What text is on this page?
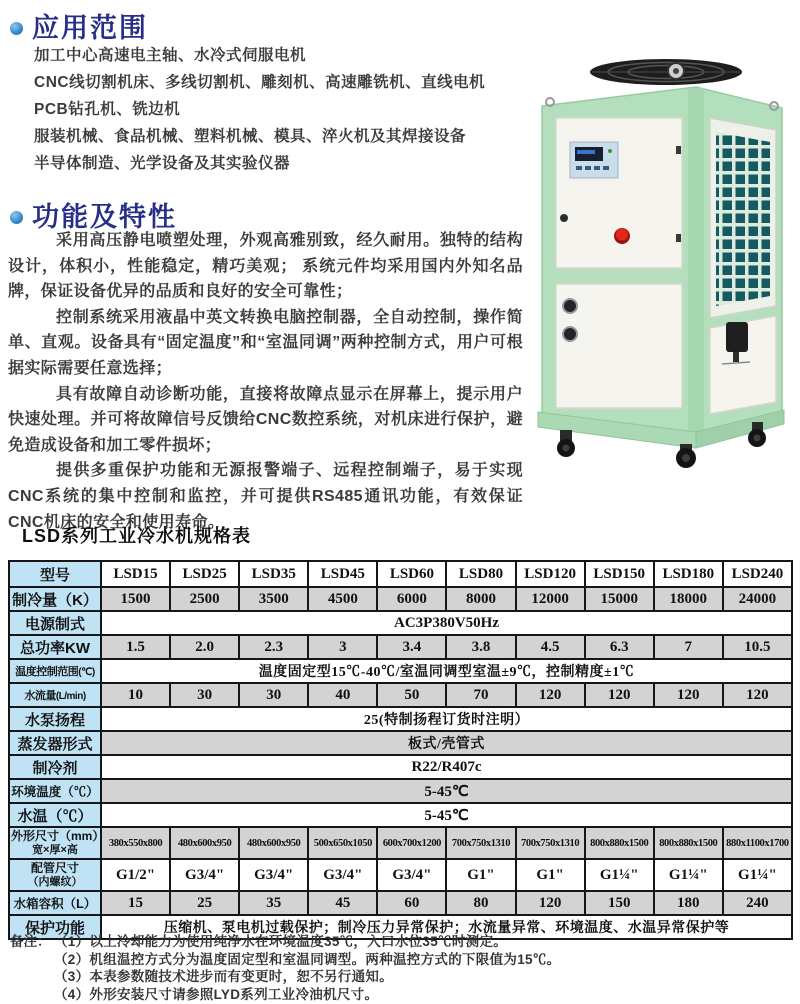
应用范围
加工中心高速电主轴、水冷式伺服电机
CNC线切割机床、多线切割机、雕刻机、高速雕铣机、直线电机
PCB钻孔机、铣边机
服装机械、食品机械、塑料机械、模具、淬火机及其焊接设备
半导体制造、光学设备及其实验仪器
功能及特性

采用高压静电喷塑处理，外观高雅别致，经久耐用。独特的结构设计，体积小，性能稳定，精巧美观； 系统元件均采用国内外知名品牌，保证设备优异的品质和良好的安全可靠性；

控制系统采用液晶中英文转换电脑控制器，全自动控制，操作简单、直观。设备具有“固定温度”和“室温同调”两种控制方式，用户可根据实际需要任意选择；

具有故障自动诊断功能，直接将故障点显示在屏幕上，提示用户快速处理。并可将故障信号反馈给CNC数控系统，对机床进行保护，避免造成设备和加工零件损坏；

提供多重保护功能和无源报警端子、远程控制端子，易于实现CNC系统的集中控制和监控，并可提供RS485通讯功能，有效保证CNC机床的安全和使用寿命。

LSD系列工业冷水机规格表
型号	LSD15	LSD25	LSD35	LSD45	LSD60	LSD80	LSD120	LSD150	LSD180	LSD240
制冷量（K）	1500	2500	3500	4500	6000	8000	12000	15000	18000	24000
电源制式	AC3P380V50Hz									
总功率KW	1.5	2.0	2.3	3	3.4	3.8	4.5	6.3	7	10.5
温度控制范围(℃)	温度固定型15℃-40℃/室温同调型室温±9℃，控制精度±1℃									
水流量(L/min)	10	30	30	40	50	70	120	120	120	120
水泵扬程	25(特制扬程订货时注明）									
蒸发器形式	板式/壳管式									
制冷剂	R22/R407c									
环境温度（℃）	5-45℃									
水温（℃）	5-45℃									
外形尺寸（mm）
宽×厚×高	380x550x800	480x600x950	480x600x950	500x650x1050	600x700x1200	700x750x1310	700x750x1310	800x880x1500	800x880x1500	880x1100x1700
配管尺寸
（内螺纹）	G1/2"	G3/4"	G3/4"	G3/4"	G3/4"	G1"	G1"	G1¼"	G1¼"	G1¼"
水箱容积（L）	15	25	35	45	60	80	120	150	180	240
保护功能	压缩机、泵电机过载保护；制冷压力异常保护；水流量异常、环境温度、水温异常保护等									
备注： （1）以上冷却能力为使用纯净水在环境温度35℃，入口水位35℃时测定。
（2）机组温控方式分为温度固定型和室温同调型。两种温控方式的下限值为15℃。
（3）本表参数随技术进步而有变更时，恕不另行通知。
（4）外形安装尺寸请参照LYD系列工业冷油机尺寸。
